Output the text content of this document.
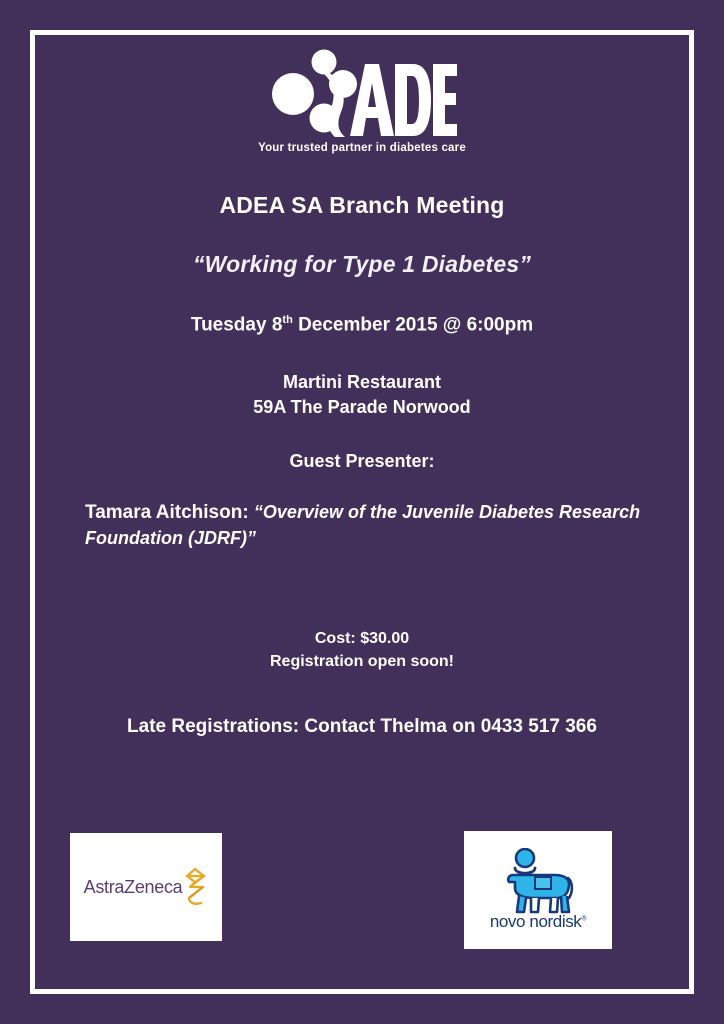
Your trusted partner in diabetes care
ADEA SA Branch Meeting
“Working for Type 1 Diabetes”
Tuesday 8th December 2015 @ 6:00pm
Martini Restaurant
59A The Parade Norwood
Guest Presenter:
Tamara Aitchison: “Overview of the Juvenile Diabetes Research Foundation (JDRF)”
Cost: $30.00
Registration open soon!
Late Registrations: Contact Thelma on 0433 517 366
AstraZeneca
novo nordisk®
